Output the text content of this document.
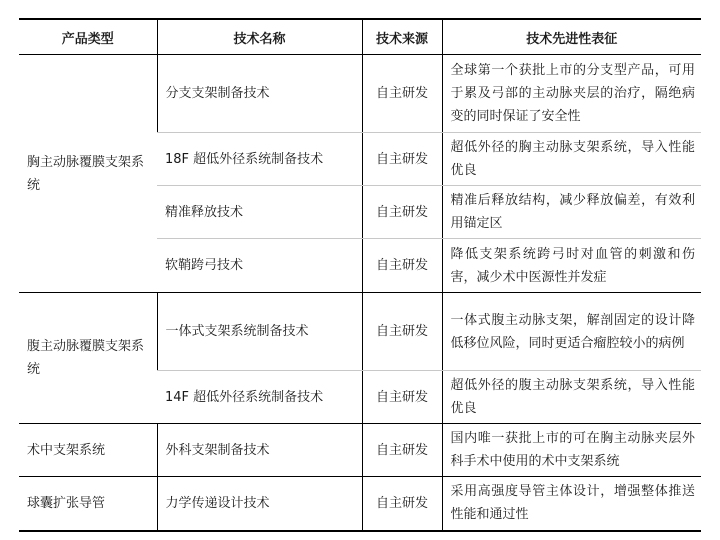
产品类型	技术名称	技术来源	技术先进性表征
胸主动脉覆膜支架系统	分支支架制备技术	自主研发	全球第一个获批上市的分支型产品，可用于累及弓部的主动脉夹层的治疗，隔绝病变的同时保证了安全性
	18F 超低外径系统制备技术	自主研发	超低外径的胸主动脉支架系统，导入性能优良
	精准释放技术	自主研发	精准后释放结构，减少释放偏差，有效利用锚定区
	软鞘跨弓技术	自主研发	降低支架系统跨弓时对血管的刺激和伤害，减少术中医源性并发症
腹主动脉覆膜支架系统	一体式支架系统制备技术	自主研发	一体式腹主动脉支架，解剖固定的设计降低移位风险，同时更适合瘤腔较小的病例
	14F 超低外径系统制备技术	自主研发	超低外径的腹主动脉支架系统，导入性能优良
术中支架系统	外科支架制备技术	自主研发	国内唯一获批上市的可在胸主动脉夹层外科手术中使用的术中支架系统
球囊扩张导管	力学传递设计技术	自主研发	采用高强度导管主体设计，增强整体推送性能和通过性
